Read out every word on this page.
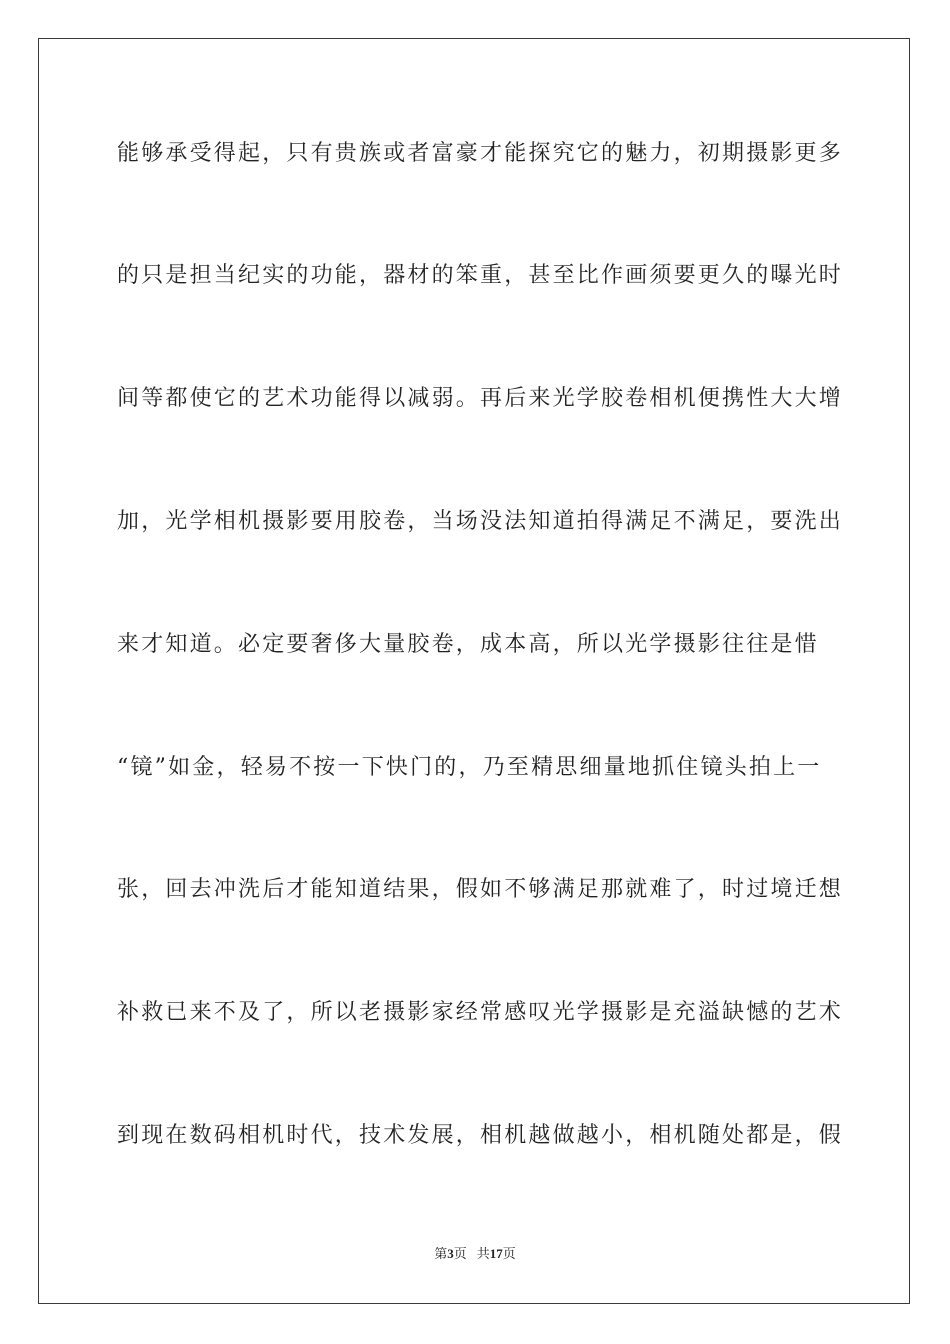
能够承受得起，只有贵族或者富豪才能探究它的魅力，初期摄影更多
的只是担当纪实的功能，器材的笨重，甚至比作画须要更久的曝光时
间等都使它的艺术功能得以减弱。再后来光学胶卷相机便携性大大增
加，光学相机摄影要用胶卷，当场没法知道拍得满足不满足，要洗出
来才知道。必定要奢侈大量胶卷，成本高，所以光学摄影往往是惜
“镜”如金，轻易不按一下快门的，乃至精思细量地抓住镜头拍上一
张，回去冲洗后才能知道结果，假如不够满足那就难了，时过境迁想
补救已来不及了，所以老摄影家经常感叹光学摄影是充溢缺憾的艺术
到现在数码相机时代，技术发展，相机越做越小，相机随处都是，假
第3页 共17页
